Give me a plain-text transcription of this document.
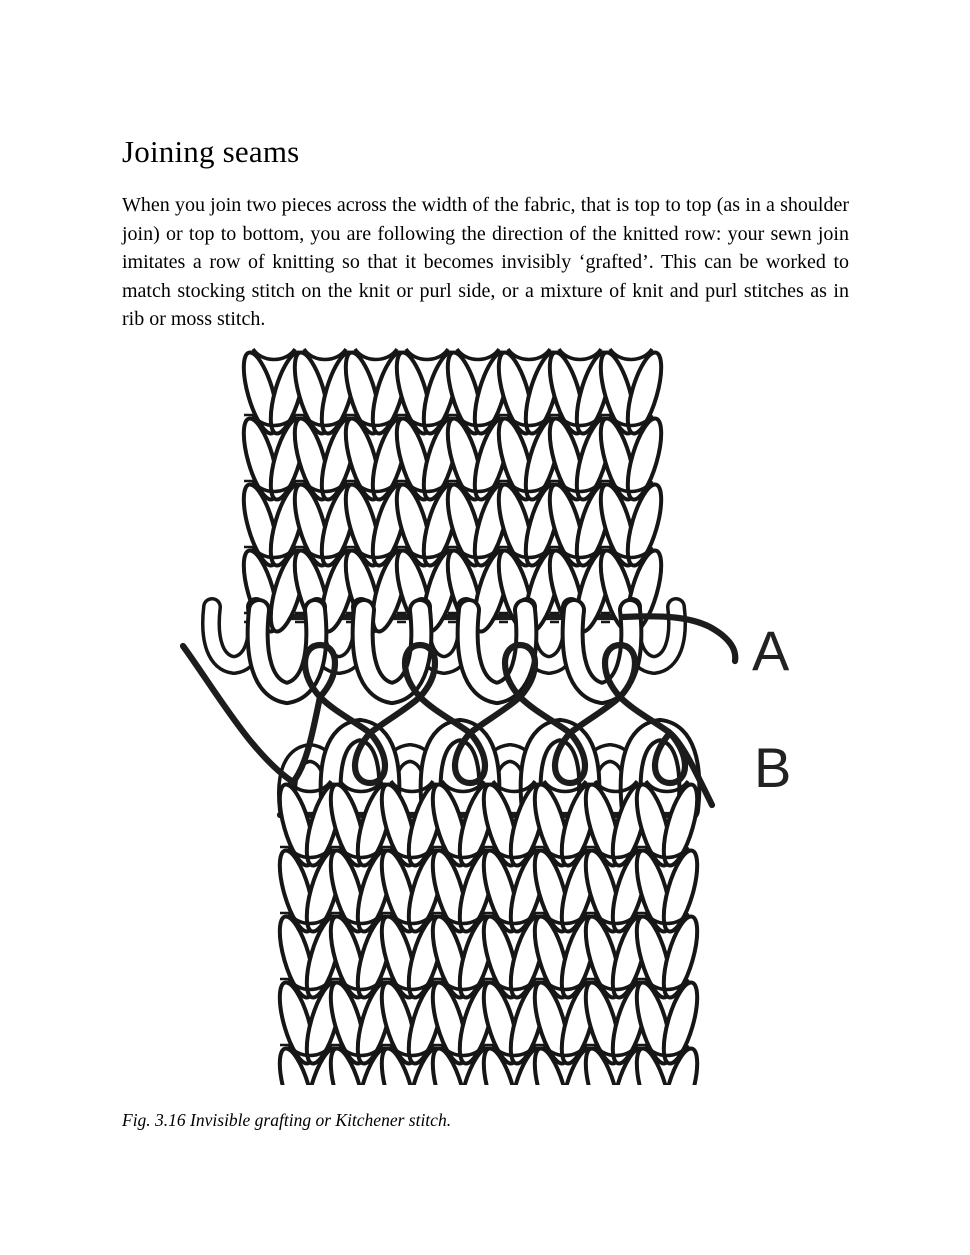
Joining seams

When you join two pieces across the width of the fabric, that is top to top (as in a shoulder join) or top to bottom, you are following the direction of the knitted row: your sewn join imitates a row of knitting so that it becomes invisibly ‘grafted’. This can be worked to match stocking stitch on the knit or purl side, or a mixture of knit and purl stitches as in rib or moss stitch.

A
B

Fig. 3.16 Invisible grafting or Kitchener stitch.
